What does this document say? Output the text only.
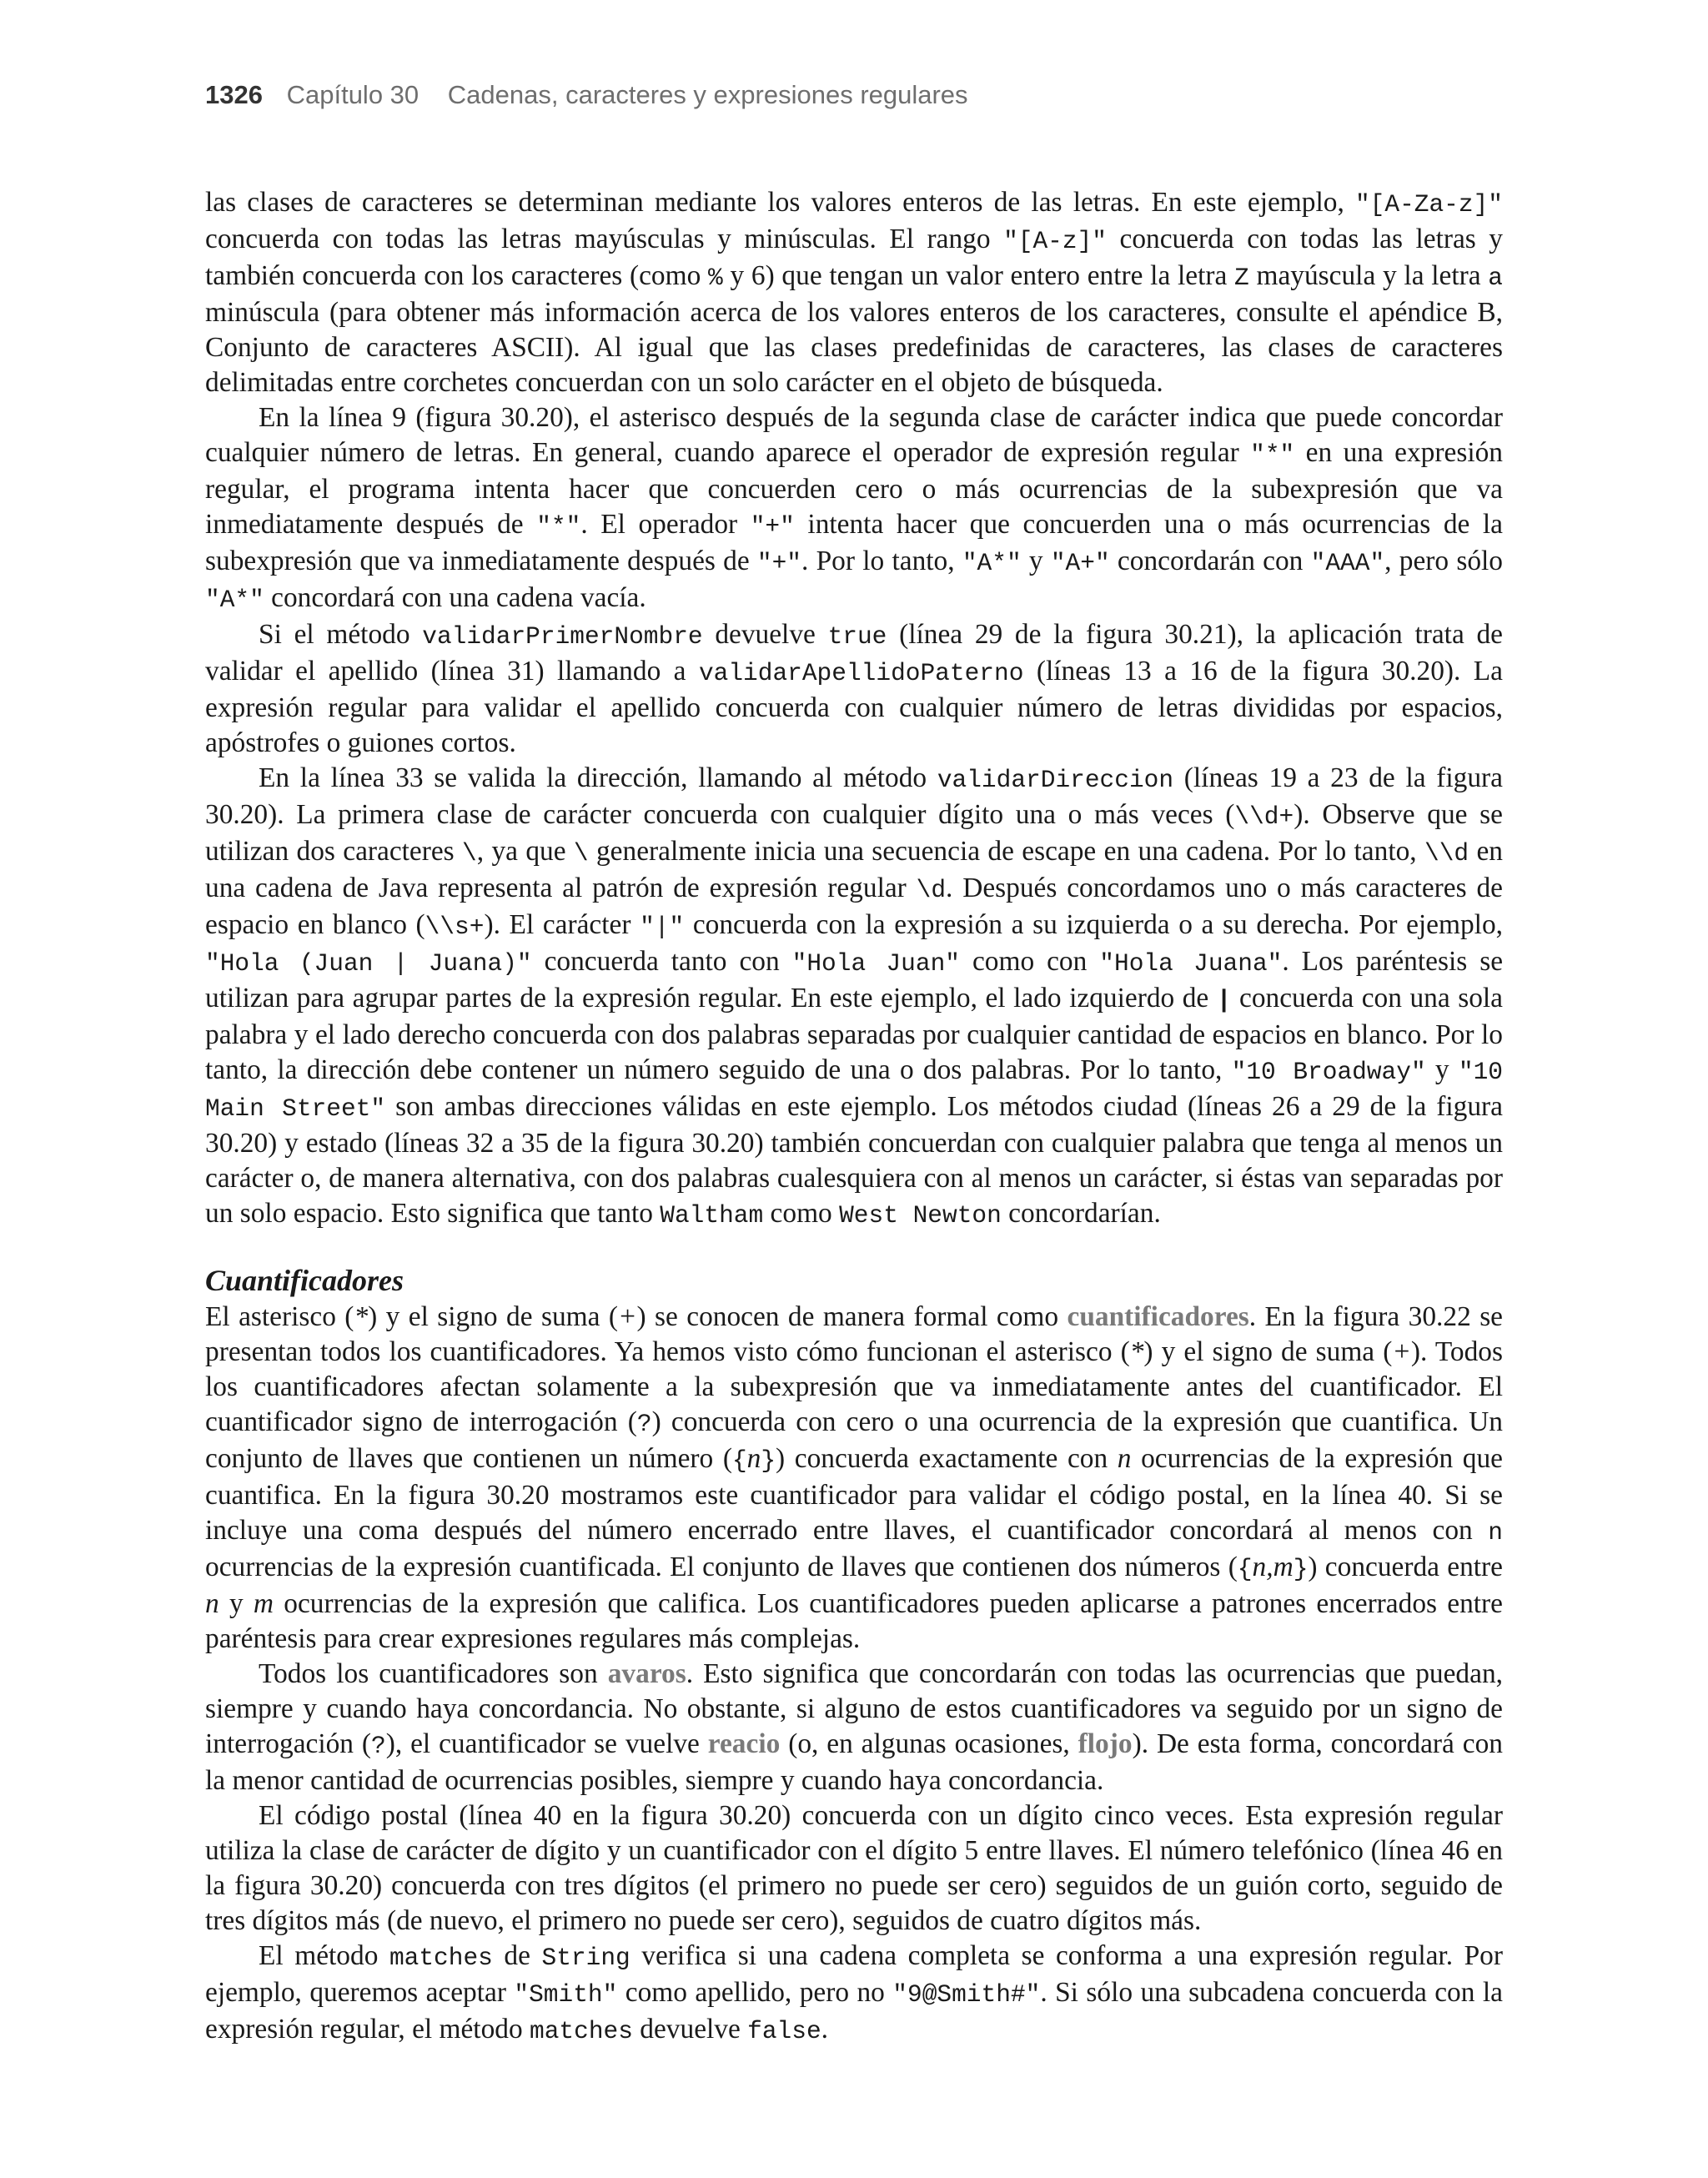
1326 Capítulo 30 Cadenas, caracteres y expresiones regulares

las clases de caracteres se determinan mediante los valores enteros de las letras. En este ejemplo, "[A-Za-z]" concuerda con todas las letras mayúsculas y minúsculas. El rango "[A-z]" concuerda con todas las letras y también concuerda con los caracteres (como % y 6) que tengan un valor entero entre la letra Z mayúscula y la letra a minúscula (para obtener más información acerca de los valores enteros de los caracteres, consulte el apéndice B, Conjunto de caracteres ASCII). Al igual que las clases predefinidas de caracteres, las clases de caracteres delimitadas entre corchetes concuerdan con un solo carácter en el objeto de búsqueda.

En la línea 9 (figura 30.20), el asterisco después de la segunda clase de carácter indica que puede concordar cualquier número de letras. En general, cuando aparece el operador de expresión regular "*" en una expresión regular, el programa intenta hacer que concuerden cero o más ocurrencias de la subexpresión que va inmediatamente después de "*". El operador "+" intenta hacer que concuerden una o más ocurrencias de la subexpresión que va inmediatamente después de "+". Por lo tanto, "A*" y "A+" concordarán con "AAA", pero sólo "A*" concordará con una cadena vacía.

Si el método validarPrimerNombre devuelve true (línea 29 de la figura 30.21), la aplicación trata de validar el apellido (línea 31) llamando a validarApellidoPaterno (líneas 13 a 16 de la figura 30.20). La expresión regular para validar el apellido concuerda con cualquier número de letras divididas por espacios, apóstrofes o guiones cortos.

En la línea 33 se valida la dirección, llamando al método validarDireccion (líneas 19 a 23 de la figura 30.20). La primera clase de carácter concuerda con cualquier dígito una o más veces (\\d+). Observe que se utilizan dos caracteres \, ya que \ generalmente inicia una secuencia de escape en una cadena. Por lo tanto, \\d en una cadena de Java representa al patrón de expresión regular \d. Después concordamos uno o más caracteres de espacio en blanco (\\s+). El carácter "|" concuerda con la expresión a su izquierda o a su derecha. Por ejemplo, "Hola (Juan | Juana)" concuerda tanto con "Hola Juan" como con "Hola Juana". Los paréntesis se utilizan para agrupar partes de la expresión regular. En este ejemplo, el lado izquierdo de | concuerda con una sola palabra y el lado derecho concuerda con dos palabras separadas por cualquier cantidad de espacios en blanco. Por lo tanto, la dirección debe contener un número seguido de una o dos palabras. Por lo tanto, "10 Broadway" y "10 Main Street" son ambas direcciones válidas en este ejemplo. Los métodos ciudad (líneas 26 a 29 de la figura 30.20) y estado (líneas 32 a 35 de la figura 30.20) también concuerdan con cualquier palabra que tenga al menos un carácter o, de manera alternativa, con dos palabras cualesquiera con al menos un carácter, si éstas van separadas por un solo espacio. Esto significa que tanto Waltham como West Newton concordarían.

Cuantificadores

El asterisco (*) y el signo de suma (+) se conocen de manera formal como cuantificadores. En la figura 30.22 se presentan todos los cuantificadores. Ya hemos visto cómo funcionan el asterisco (*) y el signo de suma (+). Todos los cuantificadores afectan solamente a la subexpresión que va inmediatamente antes del cuantificador. El cuantificador signo de interrogación (?) concuerda con cero o una ocurrencia de la expresión que cuantifica. Un conjunto de llaves que contienen un número ({n}) concuerda exactamente con n ocurrencias de la expresión que cuantifica. En la figura 30.20 mostramos este cuantificador para validar el código postal, en la línea 40. Si se incluye una coma después del número encerrado entre llaves, el cuantificador concordará al menos con n ocurrencias de la expresión cuantificada. El conjunto de llaves que contienen dos números ({n,m}) concuerda entre n y m ocurrencias de la expresión que califica. Los cuantificadores pueden aplicarse a patrones encerrados entre paréntesis para crear expresiones regulares más complejas.

Todos los cuantificadores son avaros. Esto significa que concordarán con todas las ocurrencias que puedan, siempre y cuando haya concordancia. No obstante, si alguno de estos cuantificadores va seguido por un signo de interrogación (?), el cuantificador se vuelve reacio (o, en algunas ocasiones, flojo). De esta forma, concordará con la menor cantidad de ocurrencias posibles, siempre y cuando haya concordancia.

El código postal (línea 40 en la figura 30.20) concuerda con un dígito cinco veces. Esta expresión regular utiliza la clase de carácter de dígito y un cuantificador con el dígito 5 entre llaves. El número telefónico (línea 46 en la figura 30.20) concuerda con tres dígitos (el primero no puede ser cero) seguidos de un guión corto, seguido de tres dígitos más (de nuevo, el primero no puede ser cero), seguidos de cuatro dígitos más.

El método matches de String verifica si una cadena completa se conforma a una expresión regular. Por ejemplo, queremos aceptar "Smith" como apellido, pero no "9@Smith#". Si sólo una subcadena concuerda con la expresión regular, el método matches devuelve false.
